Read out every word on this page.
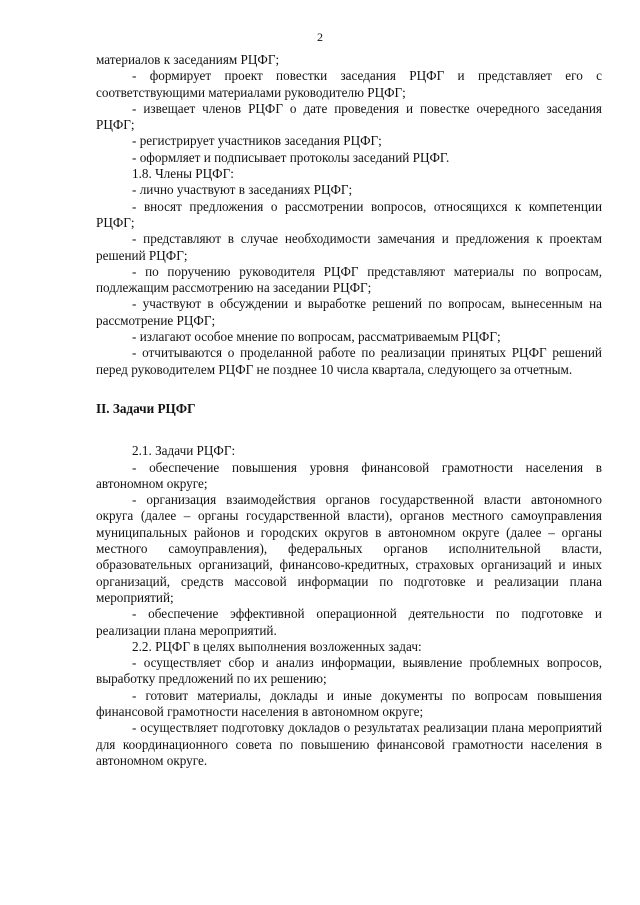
2

материалов к заседаниям РЦФГ;

- формирует проект повестки заседания РЦФГ и представляет его с соответствующими материалами руководителю РЦФГ;

- извещает членов РЦФГ о дате проведения и повестке очередного заседания РЦФГ;

- регистрирует участников заседания РЦФГ;

- оформляет и подписывает протоколы заседаний РЦФГ.

1.8. Члены РЦФГ:

- лично участвуют в заседаниях РЦФГ;

- вносят предложения о рассмотрении вопросов, относящихся к компетенции РЦФГ;

- представляют в случае необходимости замечания и предложения к проектам решений РЦФГ;

- по поручению руководителя РЦФГ представляют материалы по вопросам, подлежащим рассмотрению на заседании РЦФГ;

- участвуют в обсуждении и выработке решений по вопросам, вынесенным на рассмотрение РЦФГ;

- излагают особое мнение по вопросам, рассматриваемым РЦФГ;

- отчитываются о проделанной работе по реализации принятых РЦФГ решений перед руководителем РЦФГ не позднее 10 числа квартала, следующего за отчетным.

II. Задачи РЦФГ

2.1. Задачи РЦФГ:

- обеспечение повышения уровня финансовой грамотности населения в автономном округе;

- организация взаимодействия органов государственной власти автономного округа (далее – органы государственной власти), органов местного самоуправления муниципальных районов и городских округов в автономном округе (далее – органы местного самоуправления), федеральных органов исполнительной власти, образовательных организаций, финансово-кредитных, страховых организаций и иных организаций, средств массовой информации по подготовке и реализации плана мероприятий;

- обеспечение эффективной операционной деятельности по подготовке и реализации плана мероприятий.

2.2. РЦФГ в целях выполнения возложенных задач:

- осуществляет сбор и анализ информации, выявление проблемных вопросов, выработку предложений по их решению;

- готовит материалы, доклады и иные документы по вопросам повышения финансовой грамотности населения в автономном округе;

- осуществляет подготовку докладов о результатах реализации плана мероприятий для координационного совета по повышению финансовой грамотности населения в автономном округе.
